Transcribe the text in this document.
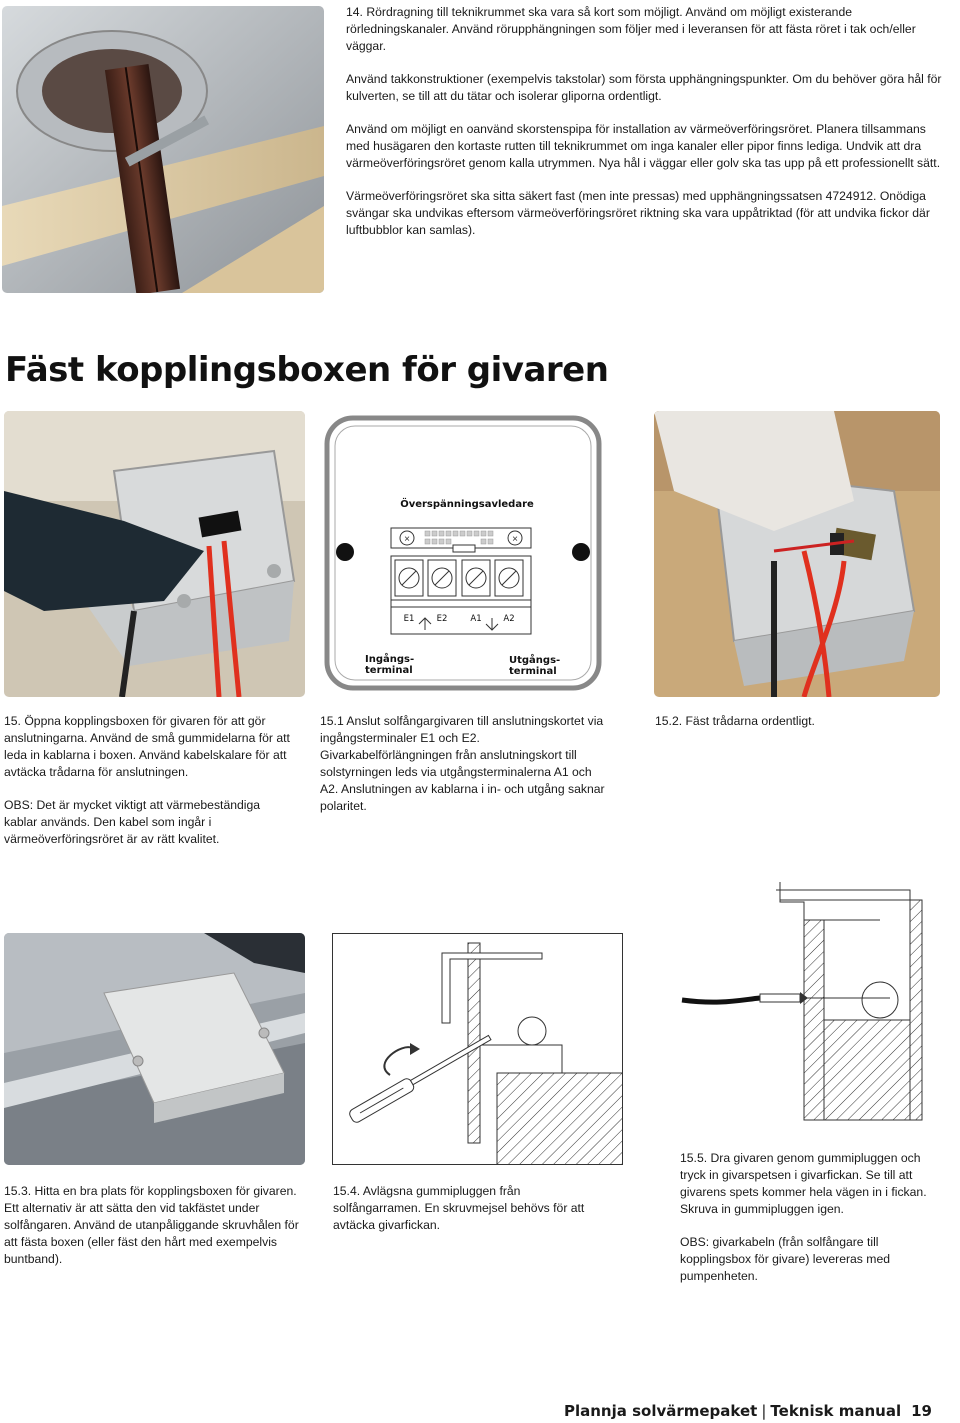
14. Rördragning till teknikrummet ska vara så kort som möjligt. Använd om möjligt existerande rörledningskanaler. Använd rörupphängningen som följer med i leveransen för att fästa röret i tak och/eller väggar.

Använd takkonstruktioner (exempelvis takstolar) som första upphängningspunkter. Om du behöver göra hål för kulverten, se till att du tätar och isolerar gliporna ordentligt.

Använd om möjligt en oanvänd skorstenspipa för installation av värmeöverföringsröret. Planera tillsammans med husägaren den kortaste rutten till teknikrummet om inga kanaler eller pipor finns lediga. Undvik att dra värmeöverföringsröret genom kalla utrymmen. Nya hål i väggar eller golv ska tas upp på ett professionellt sätt.

Värmeöverföringsröret ska sitta säkert fast (men inte pressas) med upphängningssatsen 4724912. Onödiga svängar ska undvikas eftersom värmeöverföringsröret riktning ska vara uppåtriktad (för att undvika fickor där luftbubblor kan samlas).

Fäst kopplingsboxen för givaren
Överspänningsavledare
×	×
E1	E2	A1	A2
Ingångs-
terminal
Utgångs-
terminal

15. Öppna kopplingsboxen för givaren för att gör anslutningarna. Använd de små gummidelarna för att leda in kablarna i boxen. Använd kabelskalare för att avtäcka trådarna för anslutningen.

OBS: Det är mycket viktigt att värmebeständiga kablar används. Den kabel som ingår i värmeöverföringsröret är av rätt kvalitet.

15.1 Anslut solfångargivaren till anslutningskortet via ingångsterminaler E1 och E2. Givarkabelförlängningen från anslutningskort till solstyrningen leds via utgångsterminalerna A1 och A2. Anslutningen av kablarna i in- och utgång saknar polaritet.

15.2. Fäst trådarna ordentligt.

15.3. Hitta en bra plats för kopplingsboxen för givaren. Ett alternativ är att sätta den vid takfästet under solfångaren. Använd de utanpåliggande skruvhålen för att fästa boxen (eller fäst den hårt med exempelvis buntband).

15.4. Avlägsna gummipluggen från solfångarramen. En skruvmejsel behövs för att avtäcka givarfickan.

15.5. Dra givaren genom gummipluggen och tryck in givarspetsen i givarfickan. Se till att givarens spets kommer hela vägen in i fickan. Skruva in gummipluggen igen.

OBS: givarkabeln (från solfångare till kopplingsbox för givare) levereras med pumpenheten.

Plannja solvärmepaket | Teknisk manual 19
